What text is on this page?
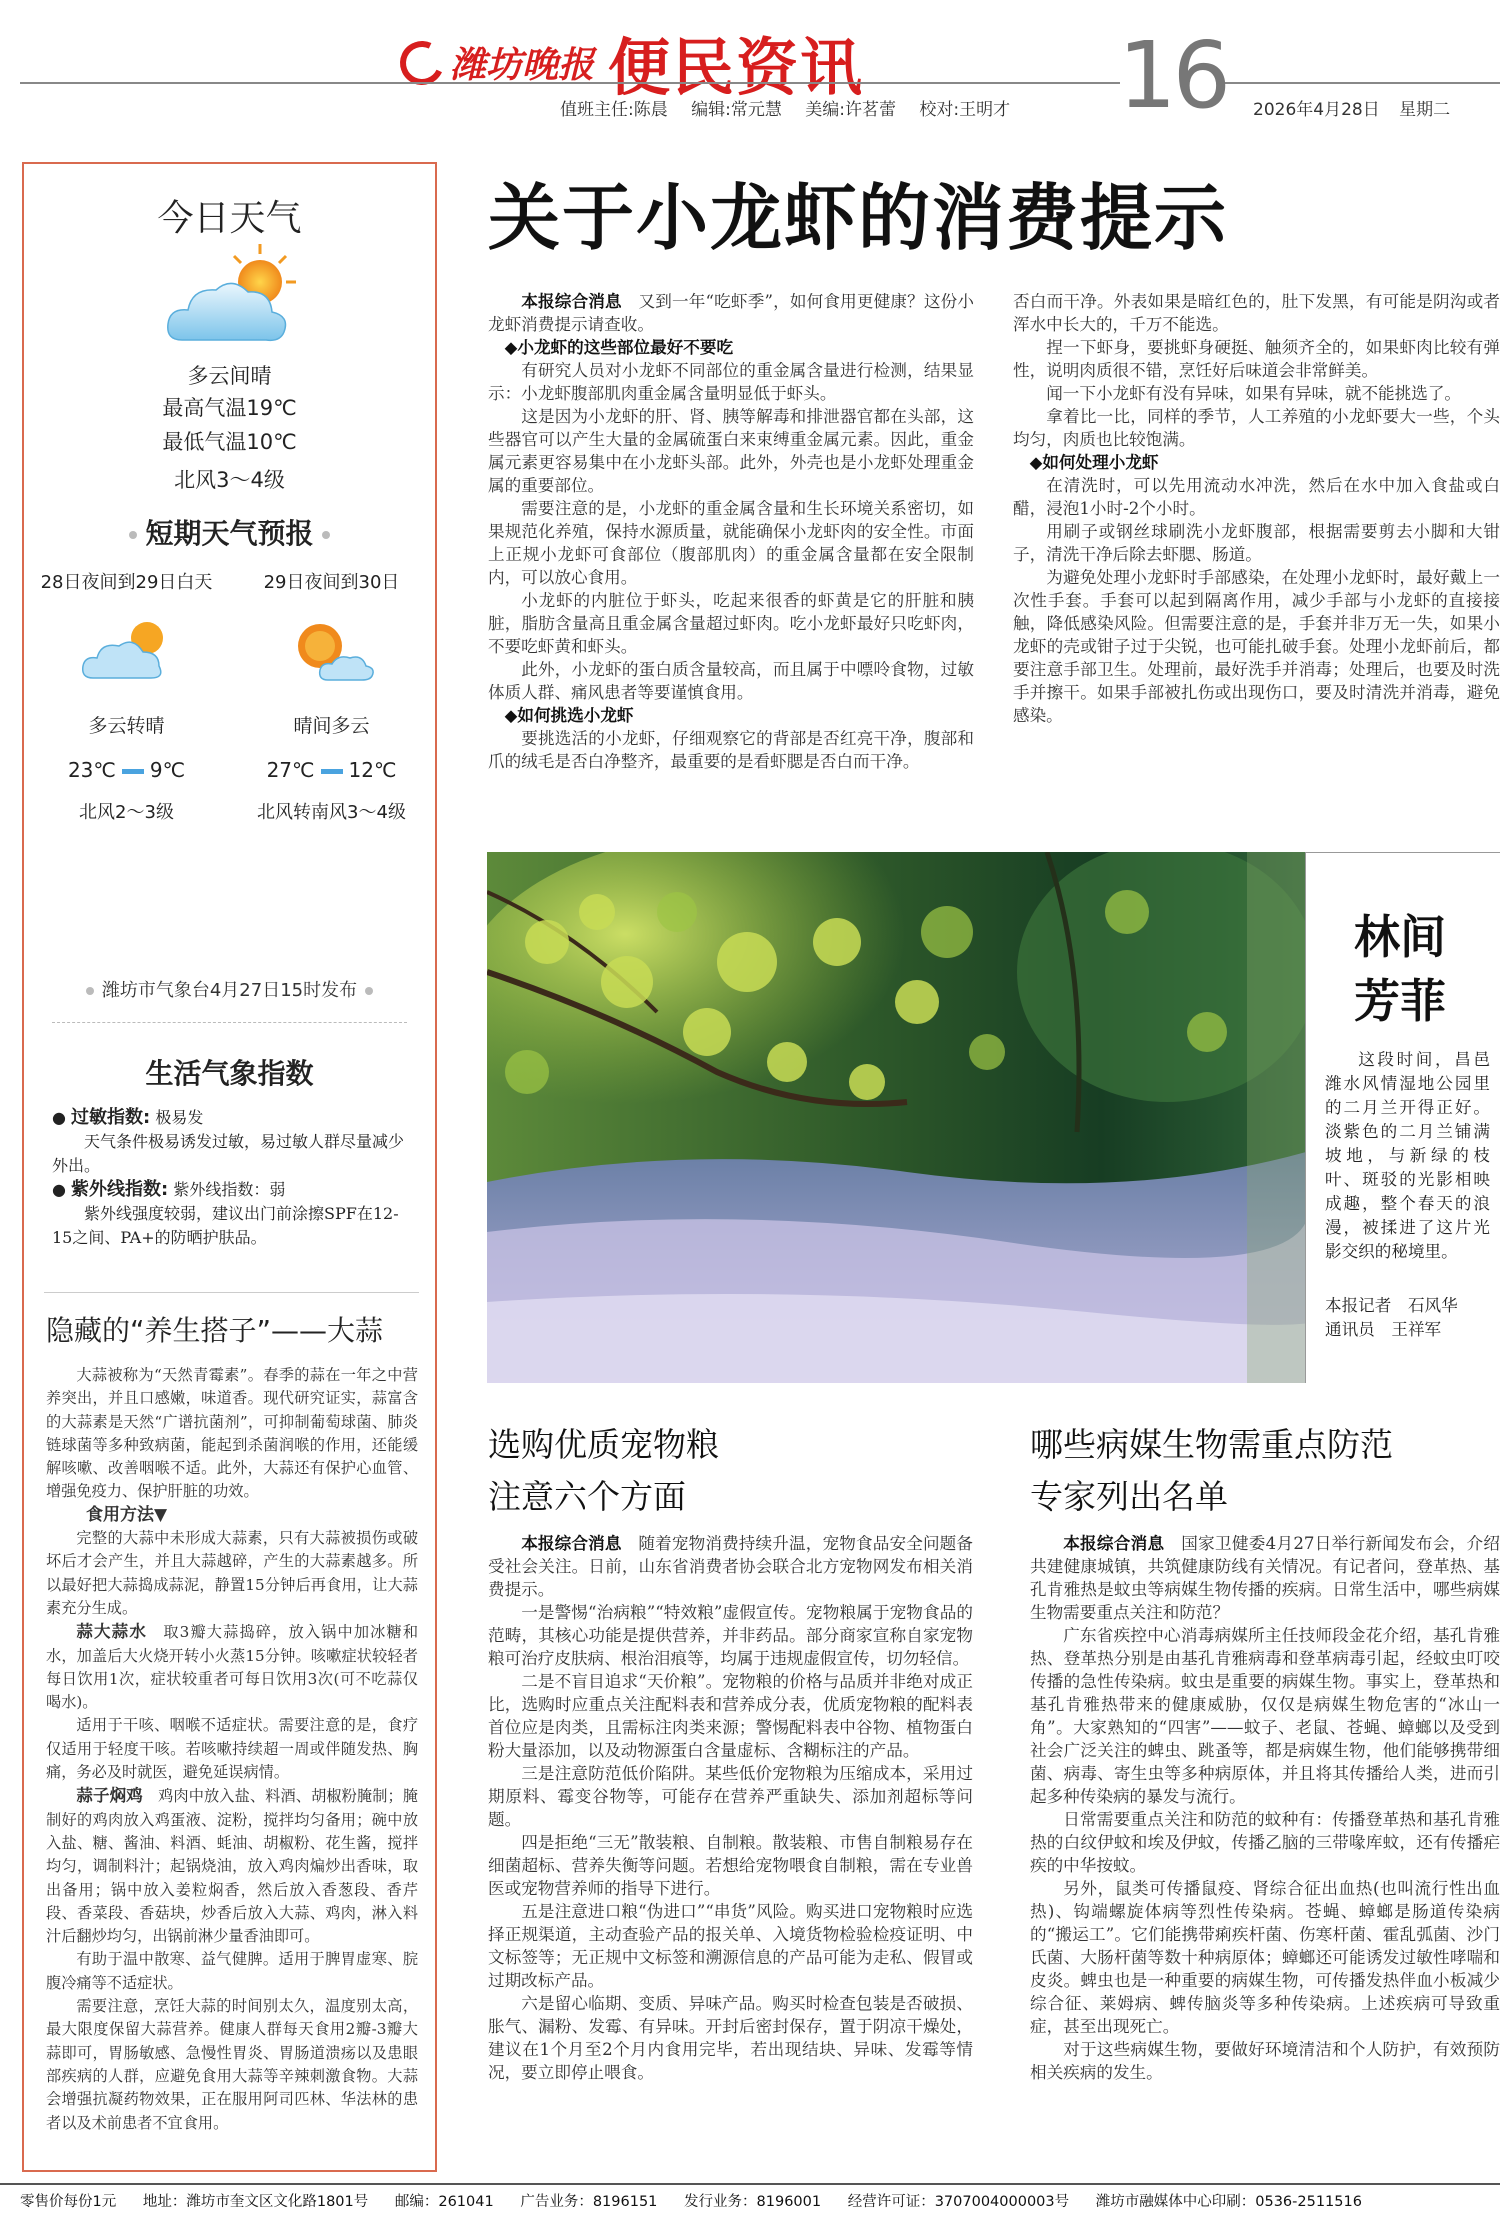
潍坊晚报 便民资讯
值班主任:陈晨 编辑:常元慧 美编:许茗蕾 校对:王明才 16 2026年4月28日 星期二
今日天气
多云间晴
最高气温19℃
最低气温10℃
北风3～4级
短期天气预报
28日夜间到29日白天
多云转晴
23℃ 9℃
北风2～3级
29日夜间到30日
晴间多云
27℃ 12℃
北风转南风3～4级
潍坊市气象台4月27日15时发布
生活气象指数

● 过敏指数: 极易发

天气条件极易诱发过敏，易过敏人群尽量减少外出。

● 紫外线指数: 紫外线指数：弱

紫外线强度较弱，建议出门前涂擦SPF在12-15之间、PA+的防晒护肤品。

隐藏的“养生搭子”——大蒜

大蒜被称为“天然青霉素”。春季的蒜在一年之中营养突出，并且口感嫩，味道香。现代研究证实，蒜富含的大蒜素是天然“广谱抗菌剂”，可抑制葡萄球菌、肺炎链球菌等多种致病菌，能起到杀菌润喉的作用，还能缓解咳嗽、改善咽喉不适。此外，大蒜还有保护心血管、增强免疫力、保护肝脏的功效。

食用方法▼

完整的大蒜中未形成大蒜素，只有大蒜被损伤或破坏后才会产生，并且大蒜越碎，产生的大蒜素越多。所以最好把大蒜捣成蒜泥，静置15分钟后再食用，让大蒜素充分生成。

蒜大蒜水　 取3瓣大蒜捣碎，放入锅中加冰糖和水，加盖后大火烧开转小火蒸15分钟。咳嗽症状较轻者每日饮用1次，症状较重者可每日饮用3次(可不吃蒜仅喝水)。

适用于干咳、咽喉不适症状。需要注意的是，食疗仅适用于轻度干咳。若咳嗽持续超一周或伴随发热、胸痛，务必及时就医，避免延误病情。

蒜子焖鸡　 鸡肉中放入盐、料酒、胡椒粉腌制；腌制好的鸡肉放入鸡蛋液、淀粉，搅拌均匀备用；碗中放入盐、糖、酱油、料酒、蚝油、胡椒粉、花生酱，搅拌均匀，调制料汁；起锅烧油，放入鸡肉煸炒出香味，取出备用；锅中放入姜粒焖香，然后放入香葱段、香芹段、香菜段、香菇块，炒香后放入大蒜、鸡肉，淋入料汁后翻炒均匀，出锅前淋少量香油即可。

有助于温中散寒、益气健脾。适用于脾胃虚寒、脘腹冷痛等不适症状。

需要注意，烹饪大蒜的时间别太久，温度别太高，最大限度保留大蒜营养。健康人群每天食用2瓣-3瓣大蒜即可，胃肠敏感、急慢性胃炎、胃肠道溃疡以及患眼部疾病的人群，应避免食用大蒜等辛辣刺激食物。大蒜会增强抗凝药物效果，正在服用阿司匹林、华法林的患者以及术前患者不宜食用。

关于小龙虾的消费提示

本报综合消息　 又到一年“吃虾季”，如何食用更健康？这份小龙虾消费提示请查收。

◆小龙虾的这些部位最好不要吃

有研究人员对小龙虾不同部位的重金属含量进行检测，结果显示：小龙虾腹部肌肉重金属含量明显低于虾头。

这是因为小龙虾的肝、肾、胰等解毒和排泄器官都在头部，这些器官可以产生大量的金属硫蛋白来束缚重金属元素。因此，重金属元素更容易集中在小龙虾头部。此外，外壳也是小龙虾处理重金属的重要部位。

需要注意的是，小龙虾的重金属含量和生长环境关系密切，如果规范化养殖，保持水源质量，就能确保小龙虾肉的安全性。市面上正规小龙虾可食部位（腹部肌肉）的重金属含量都在安全限制内，可以放心食用。

小龙虾的内脏位于虾头，吃起来很香的虾黄是它的肝脏和胰脏，脂肪含量高且重金属含量超过虾肉。吃小龙虾最好只吃虾肉，不要吃虾黄和虾头。

此外，小龙虾的蛋白质含量较高，而且属于中嘌呤食物，过敏体质人群、痛风患者等要谨慎食用。

◆如何挑选小龙虾

要挑选活的小龙虾，仔细观察它的背部是否红亮干净，腹部和爪的绒毛是否白净整齐，最重要的是看虾腮是否白而干净。

否白而干净。外表如果是暗红色的，肚下发黑，有可能是阴沟或者浑水中长大的，千万不能选。

捏一下虾身，要挑虾身硬挺、触须齐全的，如果虾肉比较有弹性，说明肉质很不错，烹饪好后味道会非常鲜美。

闻一下小龙虾有没有异味，如果有异味，就不能挑选了。

拿着比一比，同样的季节，人工养殖的小龙虾要大一些，个头均匀，肉质也比较饱满。

◆如何处理小龙虾

在清洗时，可以先用流动水冲洗，然后在水中加入食盐或白醋，浸泡1小时-2个小时。

用刷子或钢丝球刷洗小龙虾腹部，根据需要剪去小脚和大钳子，清洗干净后除去虾腮、肠道。

为避免处理小龙虾时手部感染，在处理小龙虾时，最好戴上一次性手套。手套可以起到隔离作用，减少手部与小龙虾的直接接触，降低感染风险。但需要注意的是，手套并非万无一失，如果小龙虾的壳或钳子过于尖锐，也可能扎破手套。处理小龙虾前后，都要注意手部卫生。处理前，最好洗手并消毒；处理后，也要及时洗手并擦干。如果手部被扎伤或出现伤口，要及时清洗并消毒，避免感染。

林间芳菲

这段时间，昌邑潍水风情湿地公园里的二月兰开得正好。淡紫色的二月兰铺满坡地，与新绿的枝叶、斑驳的光影相映成趣，整个春天的浪漫，被揉进了这片光影交织的秘境里。

本报记者　石风华
通讯员　王祥军
选购优质宠物粮
注意六个方面

本报综合消息　 随着宠物消费持续升温，宠物食品安全问题备受社会关注。日前，山东省消费者协会联合北方宠物网发布相关消费提示。

一是警惕“治病粮”“特效粮”虚假宣传。宠物粮属于宠物食品的范畴，其核心功能是提供营养，并非药品。部分商家宣称自家宠物粮可治疗皮肤病、根治泪痕等，均属于违规虚假宣传，切勿轻信。

二是不盲目追求“天价粮”。宠物粮的价格与品质并非绝对成正比，选购时应重点关注配料表和营养成分表，优质宠物粮的配料表首位应是肉类，且需标注肉类来源；警惕配料表中谷物、植物蛋白粉大量添加，以及动物源蛋白含量虚标、含糊标注的产品。

三是注意防范低价陷阱。某些低价宠物粮为压缩成本，采用过期原料、霉变谷物等，可能存在营养严重缺失、添加剂超标等问题。

四是拒绝“三无”散装粮、自制粮。散装粮、市售自制粮易存在细菌超标、营养失衡等问题。若想给宠物喂食自制粮，需在专业兽医或宠物营养师的指导下进行。

五是注意进口粮“伪进口”“串货”风险。购买进口宠物粮时应选择正规渠道，主动查验产品的报关单、入境货物检验检疫证明、中文标签等；无正规中文标签和溯源信息的产品可能为走私、假冒或过期改标产品。

六是留心临期、变质、异味产品。购买时检查包装是否破损、胀气、漏粉、发霉、有异味。开封后密封保存，置于阴凉干燥处，建议在1个月至2个月内食用完毕，若出现结块、异味、发霉等情况，要立即停止喂食。

哪些病媒生物需重点防范
专家列出名单

本报综合消息　 国家卫健委4月27日举行新闻发布会，介绍共建健康城镇，共筑健康防线有关情况。有记者问，登革热、基孔肯雅热是蚊虫等病媒生物传播的疾病。日常生活中，哪些病媒生物需要重点关注和防范？

广东省疾控中心消毒病媒所主任技师段金花介绍，基孔肯雅热、登革热分别是由基孔肯雅病毒和登革病毒引起，经蚊虫叮咬传播的急性传染病。蚊虫是重要的病媒生物。事实上，登革热和基孔肯雅热带来的健康威胁，仅仅是病媒生物危害的“冰山一角”。大家熟知的“四害”——蚊子、老鼠、苍蝇、蟑螂以及受到社会广泛关注的蜱虫、跳蚤等，都是病媒生物，他们能够携带细菌、病毒、寄生虫等多种病原体，并且将其传播给人类，进而引起多种传染病的暴发与流行。

日常需要重点关注和防范的蚊种有：传播登革热和基孔肯雅热的白纹伊蚊和埃及伊蚊，传播乙脑的三带喙库蚊，还有传播疟疾的中华按蚊。

另外，鼠类可传播鼠疫、肾综合征出血热(也叫流行性出血热)、钩端螺旋体病等烈性传染病。苍蝇、蟑螂是肠道传染病的“搬运工”。它们能携带痢疾杆菌、伤寒杆菌、霍乱弧菌、沙门氏菌、大肠杆菌等数十种病原体；蟑螂还可能诱发过敏性哮喘和皮炎。蜱虫也是一种重要的病媒生物，可传播发热伴血小板减少综合征、莱姆病、蜱传脑炎等多种传染病。上述疾病可导致重症，甚至出现死亡。

对于这些病媒生物，要做好环境清洁和个人防护，有效预防相关疾病的发生。

零售价每份1元 地址：潍坊市奎文区文化路1801号 邮编：261041 广告业务：8196151 发行业务：8196001 经营许可证：3707004000003号 潍坊市融媒体中心印刷：0536-2511516
